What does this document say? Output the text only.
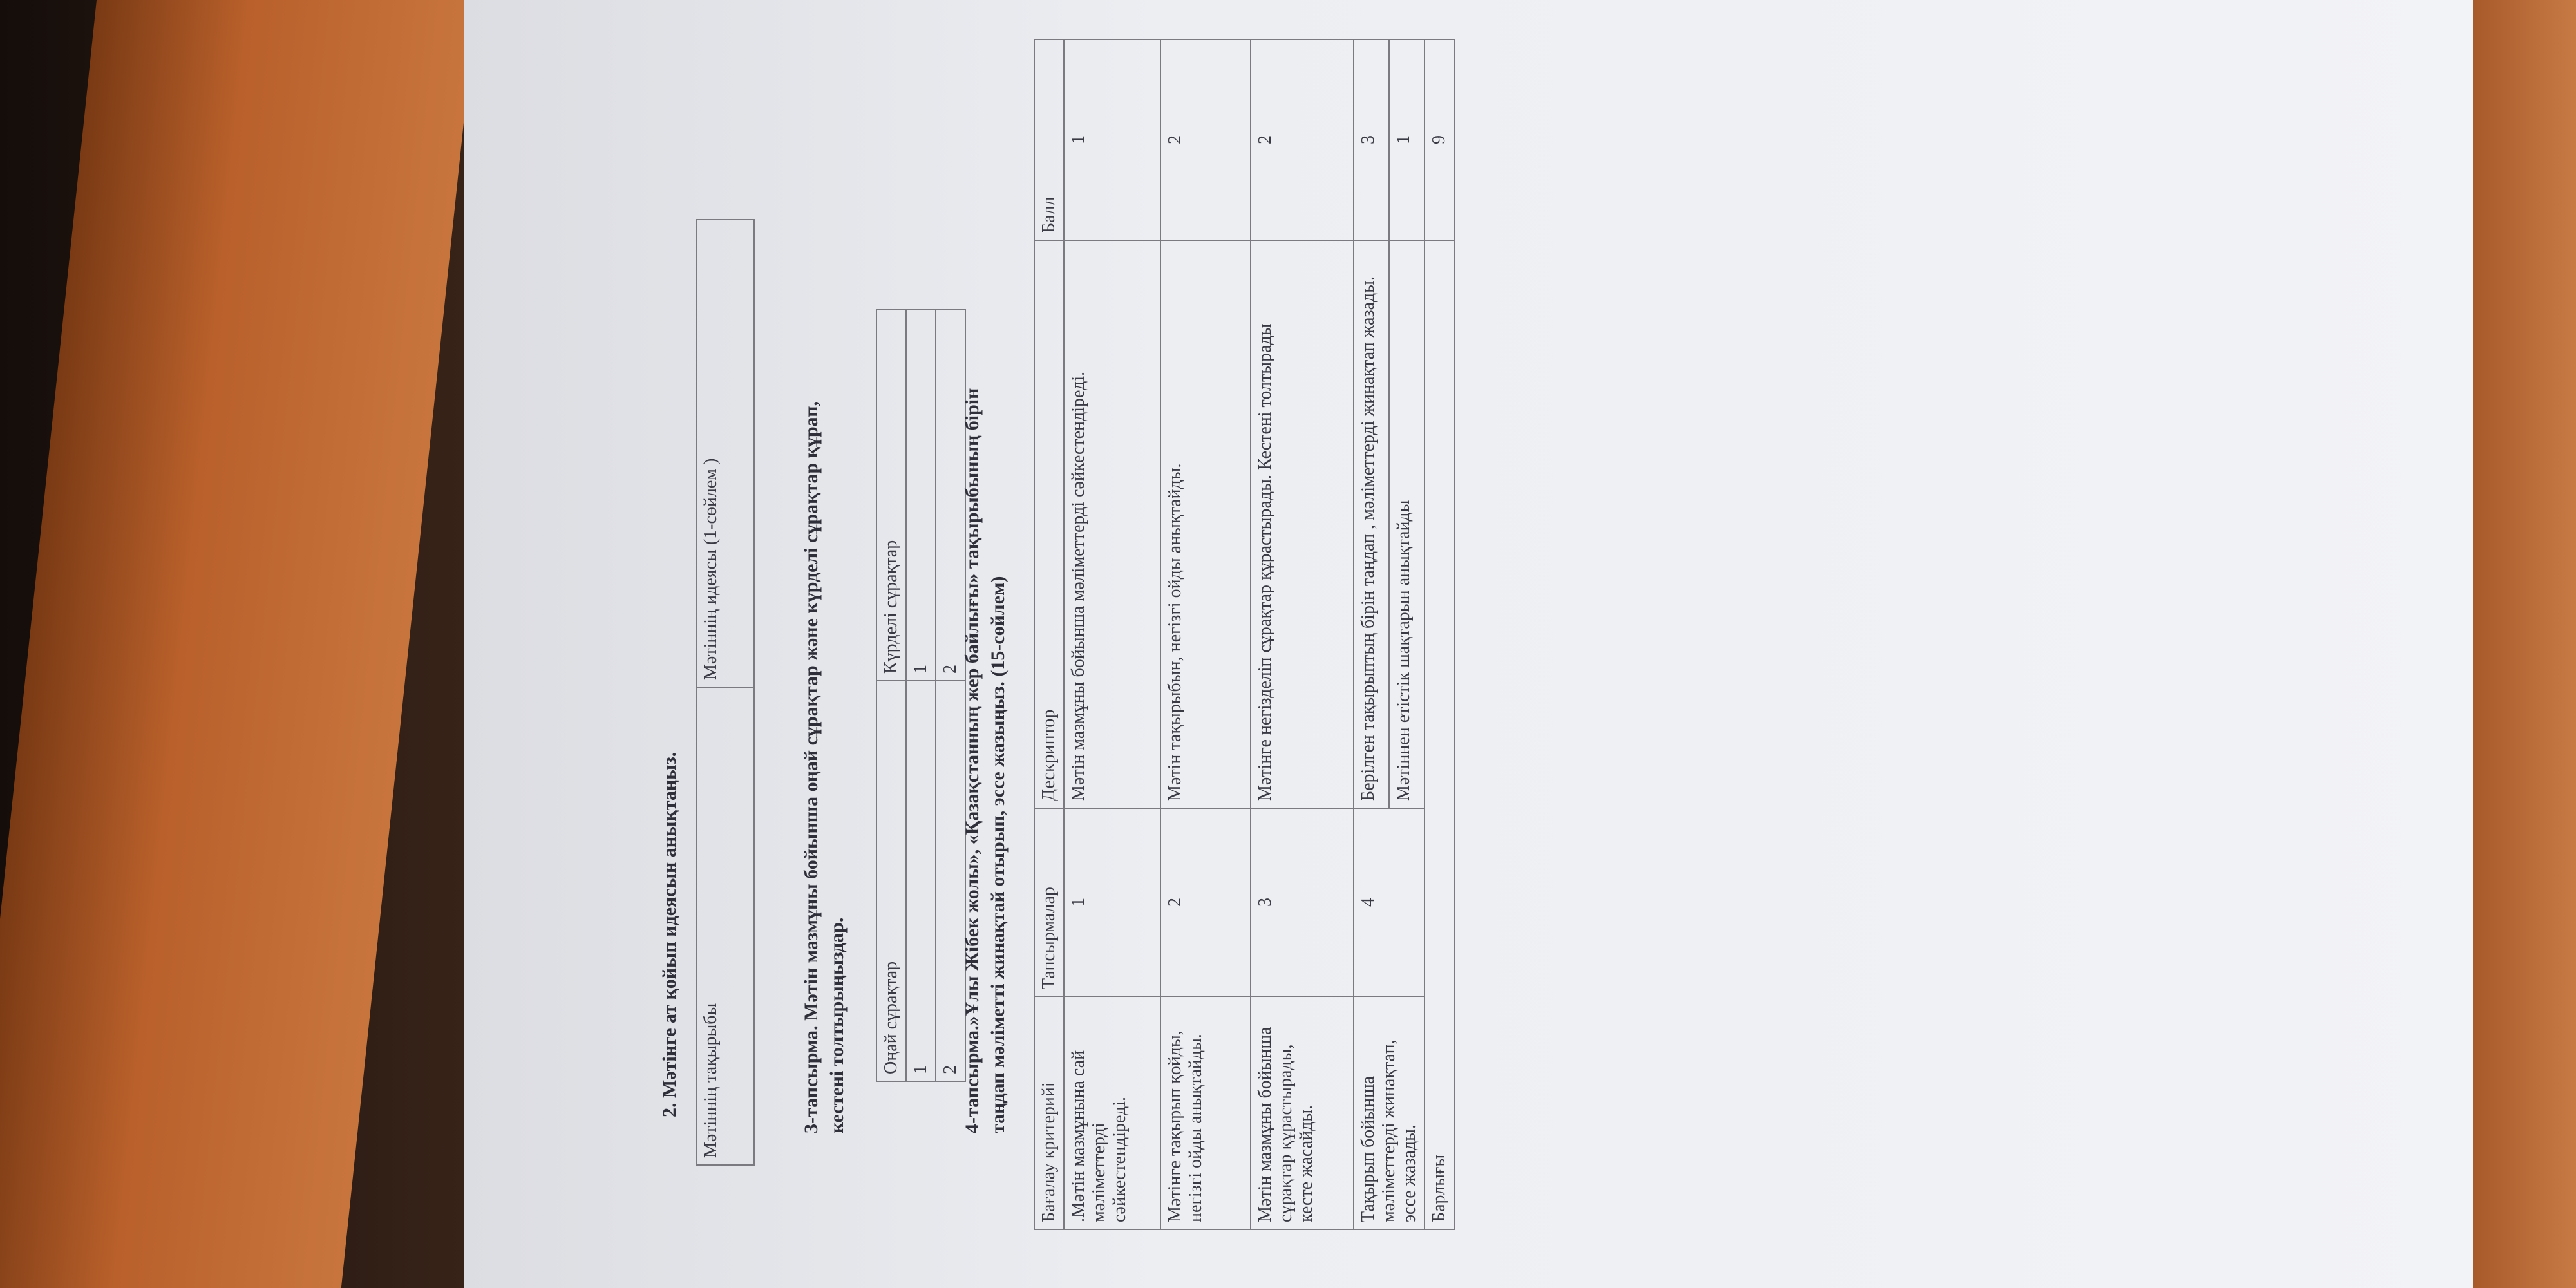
2. Мәтінге ат қойып идеясын анықтаңыз. Мәтіннің тақырыбы	Мәтіннің идеясы (1-сөйлем )	3-тапсырма. Мәтін мазмұны бойынша оңай сұрақтар және күрделі сұрақтар құрап, кестені толтырыңыздар. Оңай сұрақтар	Күрделі сұрақтар
1	1
2	2 4-тапсырма.»Ұлы Жібек жолы», «Қазақстанның жер байлығы» тақырыбының бірін таңдап мәліметті жинақтай отырып, эссе жазыңыз. (15-сөйлем)

Бағалау критерийі	Тапсырмалар	Дескриптор	Балл
.Мәтін мазмұнына сай мәліметтерді сәйкестендіреді.	1	Мәтін мазмұны бойынша мәліметтерді сәйкестендіреді.	1
Мәтінге тақырып қойды, негізгі ойды анықтайды.	2	Мәтін тақырыбын, негізгі ойды анықтайды.	2
Мәтін мазмұны бойынша сұрақтар құрастырады, кесте жасайды.	3	Мәтінге негізделіп сұрақтар құрастырады. Кестені толтырады	2
Тақырып бойынша мәліметтерді жинақтап, эссе жазады.	4	Берілген тақырыптың бірін таңдап , мәліметтерді жинақтап жазады.	3
		Мәтіннен етістік шақтарын анықтайды	1
Барлығы			9
